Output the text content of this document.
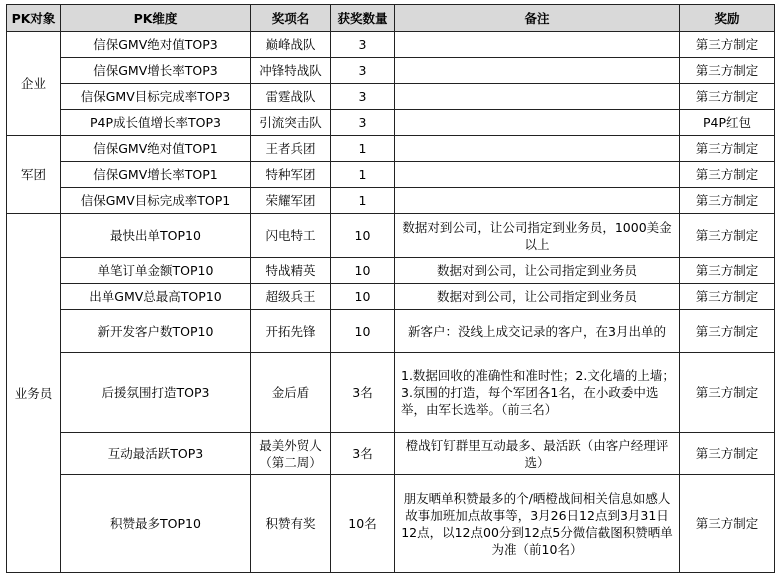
PK对象	PK维度	奖项名	获奖数量	备注	奖励
企业	信保GMV绝对值TOP3	巅峰战队	3		第三方制定
	信保GMV增长率TOP3	冲锋特战队	3		第三方制定
	信保GMV目标完成率TOP3	雷霆战队	3		第三方制定
	P4P成长值增长率TOP3	引流突击队	3		P4P红包
军团	信保GMV绝对值TOP1	王者兵团	1		第三方制定
	信保GMV增长率TOP1	特种军团	1		第三方制定
	信保GMV目标完成率TOP1	荣耀军团	1		第三方制定
业务员	最快出单TOP10	闪电特工	10	数据对到公司，让公司指定到业务员，1000美金以上	第三方制定
	单笔订单金额TOP10	特战精英	10	数据对到公司，让公司指定到业务员	第三方制定
	出单GMV总最高TOP10	超级兵王	10	数据对到公司，让公司指定到业务员	第三方制定
	新开发客户数TOP10	开拓先锋	10	新客户：没线上成交记录的客户，在3月出单的	第三方制定
	后援氛围打造TOP3	金后盾	3名	1.数据回收的准确性和准时性；2.文化墙的上墙；3.氛围的打造，每个军团各1名，在小政委中选举，由军长选举。（前三名）	第三方制定
	互动最活跃TOP3	最美外贸人（第二周）	3名	橙战钉钉群里互动最多、最活跃（由客户经理评选）	第三方制定
	积赞最多TOP10	积赞有奖	10名	朋友晒单积赞最多的个/晒橙战间相关信息如感人故事加班加点故事等，3月26日12点到3月31日12点，以12点00分到12点5分微信截图积赞晒单为准（前10名）	第三方制定
